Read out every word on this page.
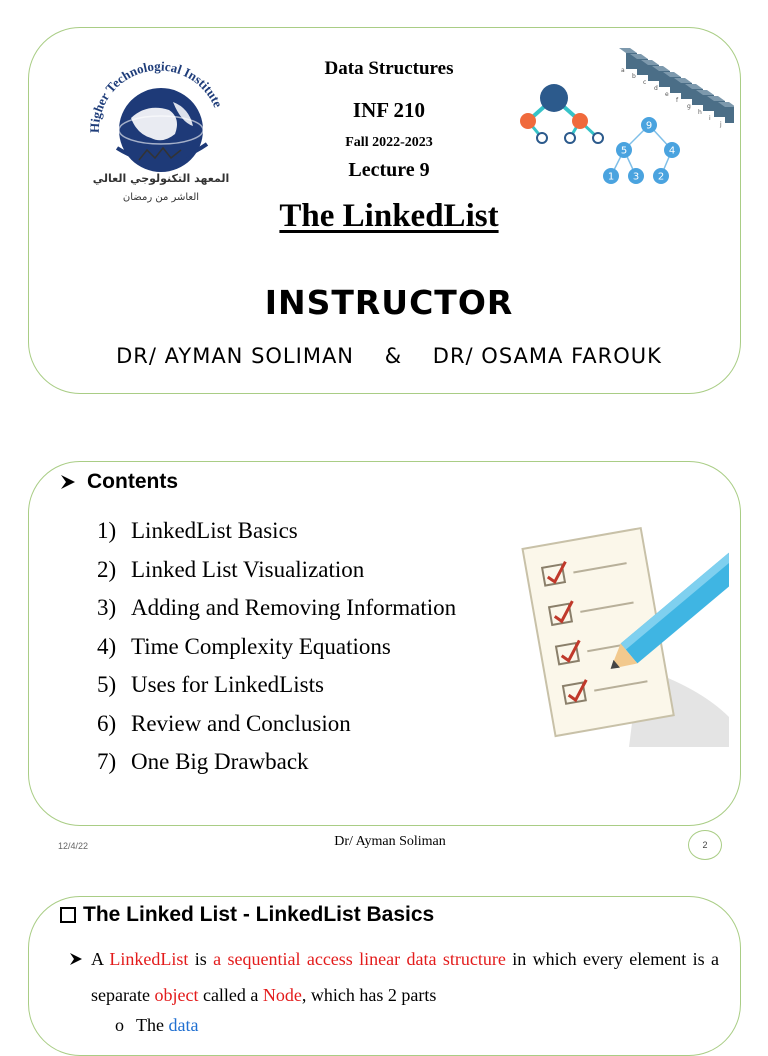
Higher Technological Institute
المعهد التكنولوجي العالي
العاشر من رمضان
Data Structures
INF 210
Fall 2022-2023
Lecture 9
a
b
c
d
e
f
g
h
i
j
9
5	4
1 3 2
The LinkedList
INSTRUCTOR
DR/ AYMAN SOLIMAN    &    DR/ OSAMA FAROUK
Contents
1) LinkedList Basics
2) Linked List Visualization
3) Adding and Removing Information
4) Time Complexity Equations
5) Uses for LinkedLists
6) Review and Conclusion
7) One Big Drawback
12/4/22	Dr/ Ayman Soliman	2
The Linked List - LinkedList Basics
A LinkedList is a sequential access linear data structure in which every element is a separate object called a Node, which has 2 parts
o The data
